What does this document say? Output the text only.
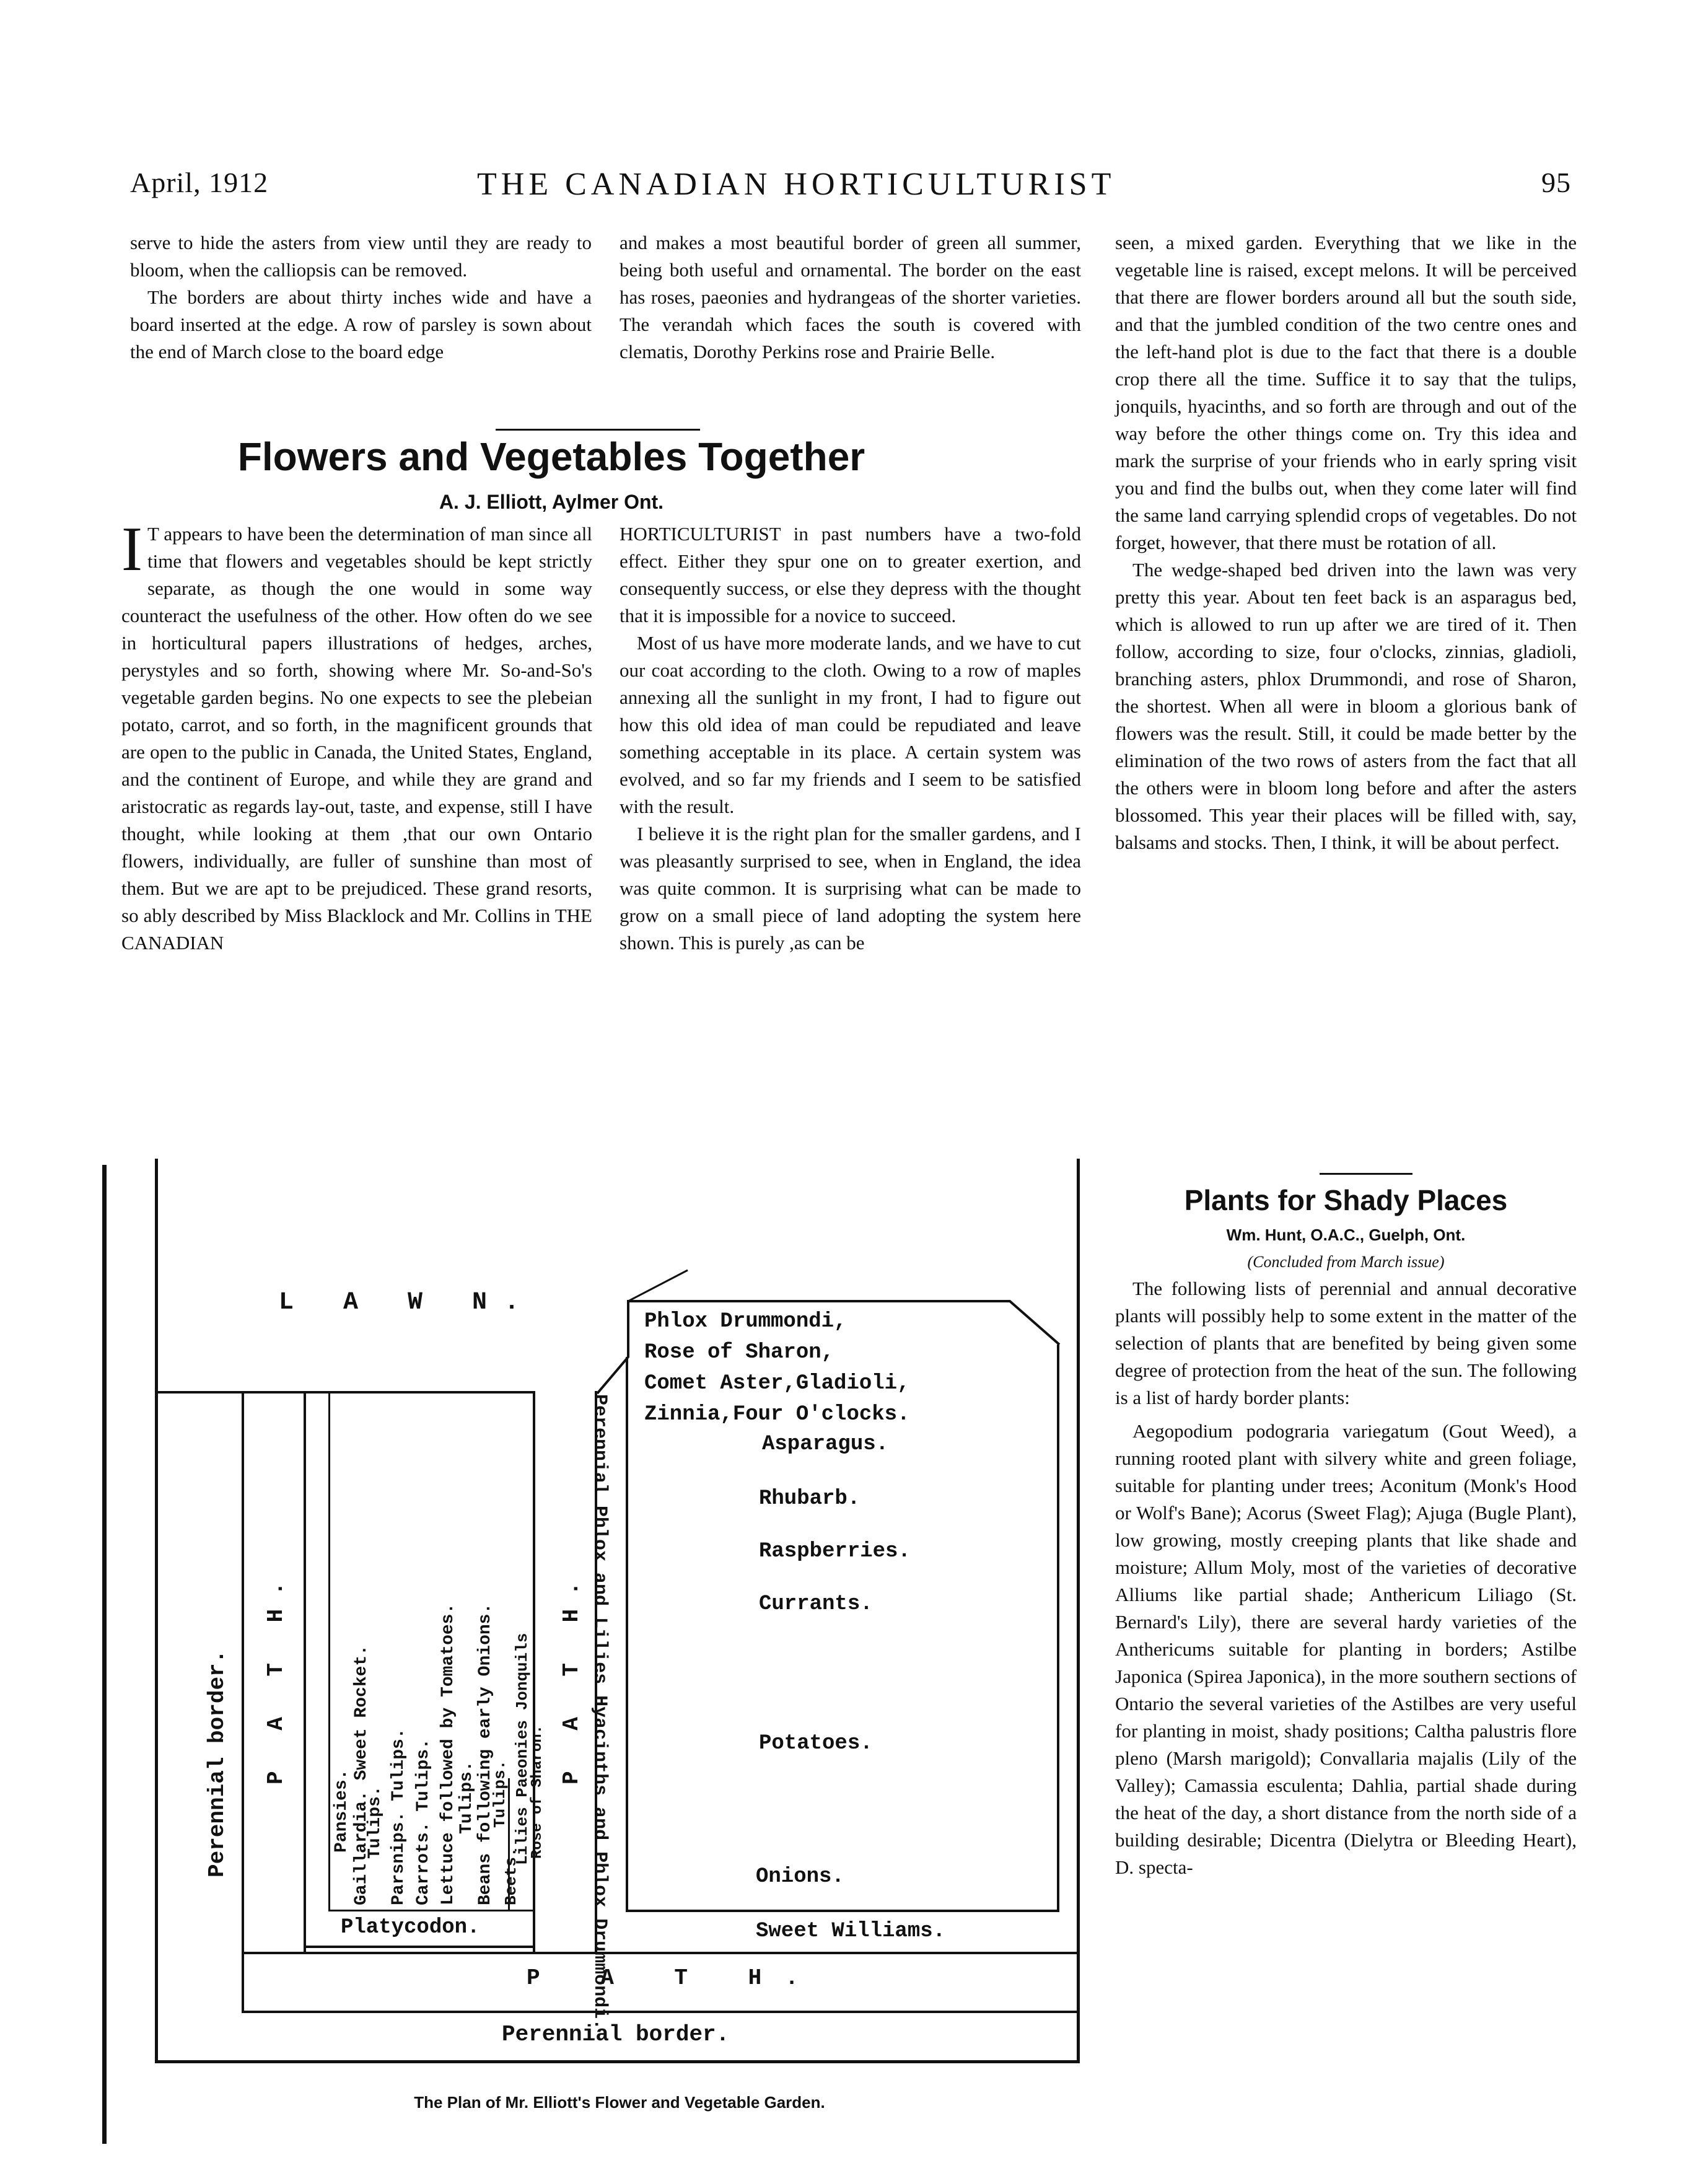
April, 1912	THE CANADIAN HORTICULTURIST	95

serve to hide the asters from view until they are ready to bloom, when the calliopsis can be removed.

The borders are about thirty inches wide and have a board inserted at the edge. A row of parsley is sown about the end of March close to the board edge

and makes a most beautiful border of green all summer, being both useful and ornamental. The border on the east has roses, paeonies and hydrangeas of the shorter varieties. The verandah which faces the south is covered with clematis, Dorothy Perkins rose and Prairie Belle.

Flowers and Vegetables Together
A. J. Elliott, Aylmer Ont.

I T appears to have been the determination of man since all time that flowers and vegetables should be kept strictly separate, as though the one would in some way counteract the usefulness of the other. How often do we see in horticultural papers illustrations of hedges, arches, perystyles and so forth, showing where Mr. So-and-So's vegetable garden begins. No one expects to see the plebeian potato, carrot, and so forth, in the magnificent grounds that are open to the public in Canada, the United States, England, and the continent of Europe, and while they are grand and aristocratic as regards lay-out, taste, and expense, still I have thought, while looking at them ,that our own Ontario flowers, individually, are fuller of sunshine than most of them. But we are apt to be prejudiced. These grand resorts, so ably described by Miss Blacklock and Mr. Collins in THE CANADIAN

HORTICULTURIST in past numbers have a two-fold effect. Either they spur one on to greater exertion, and consequently success, or else they depress with the thought that it is impossible for a novice to succeed.

Most of us have more moderate lands, and we have to cut our coat according to the cloth. Owing to a row of maples annexing all the sunlight in my front, I had to figure out how this old idea of man could be repudiated and leave something acceptable in its place. A certain system was evolved, and so far my friends and I seem to be satisfied with the result.

I believe it is the right plan for the smaller gardens, and I was pleasantly surprised to see, when in England, the idea was quite common. It is surprising what can be made to grow on a small piece of land adopting the system here shown. This is purely ,as can be

seen, a mixed garden. Everything that we like in the vegetable line is raised, except melons. It will be perceived that there are flower borders around all but the south side, and that the jumbled condition of the two centre ones and the left-hand plot is due to the fact that there is a double crop there all the time. Suffice it to say that the tulips, jonquils, hyacinths, and so forth are through and out of the way before the other things come on. Try this idea and mark the surprise of your friends who in early spring visit you and find the bulbs out, when they come later will find the same land carrying splendid crops of vegetables. Do not forget, however, that there must be rotation of all.

The wedge-shaped bed driven into the lawn was very pretty this year. About ten feet back is an asparagus bed, which is allowed to run up after we are tired of it. Then follow, according to size, four o'clocks, zinnias, gladioli, branching asters, phlox Drummondi, and rose of Sharon, the shortest. When all were in bloom a glorious bank of flowers was the result. Still, it could be made better by the elimination of the two rows of asters from the fact that all the others were in bloom long before and after the asters blossomed. This year their places will be filled with, say, balsams and stocks. Then, I think, it will be about perfect.

L A W N.
Perennial border. P A T H.	P A T H. Perennial Phlox and Lilies Hyacinths and Phlox Drummondi.
Gaillardia. Sweet Rocket.
Pansies. Tulips. Parsnips. Tulips. Carrots. Tulips. Lettuce followed by Tomatoes. Tulips. Beans following early Onions.
Tulips.
Beets.
Lilies Paeonies Jonquils
Rose of Sharon.
Platycodon.
Phlox Drummondi,
Rose of Sharon,
Comet Aster,Gladioli,
Zinnia,Four O'clocks.
Asparagus.
Rhubarb.
Raspberries.
Currants.
Potatoes.
Onions.
Sweet Williams.
P A T H.
Perennial border.
The Plan of Mr. Elliott's Flower and Vegetable Garden.
Plants for Shady Places
Wm. Hunt, O.A.C., Guelph, Ont.
(Concluded from March issue)

The following lists of perennial and annual decorative plants will possibly help to some extent in the matter of the selection of plants that are benefited by being given some degree of protection from the heat of the sun. The following is a list of hardy border plants:

Aegopodium podograria variegatum (Gout Weed), a running rooted plant with silvery white and green foliage, suitable for planting under trees; Aconitum (Monk's Hood or Wolf's Bane); Acorus (Sweet Flag); Ajuga (Bugle Plant), low growing, mostly creeping plants that like shade and moisture; Allum Moly, most of the varieties of decorative Alliums like partial shade; Anthericum Liliago (St. Bernard's Lily), there are several hardy varieties of the Anthericums suitable for planting in borders; Astilbe Japonica (Spirea Japonica), in the more southern sections of Ontario the several varieties of the Astilbes are very useful for planting in moist, shady positions; Caltha palustris flore pleno (Marsh marigold); Convallaria majalis (Lily of the Valley); Camassia esculenta; Dahlia, partial shade during the heat of the day, a short distance from the north side of a building desirable; Dicentra (Dielytra or Bleeding Heart), D. specta-
